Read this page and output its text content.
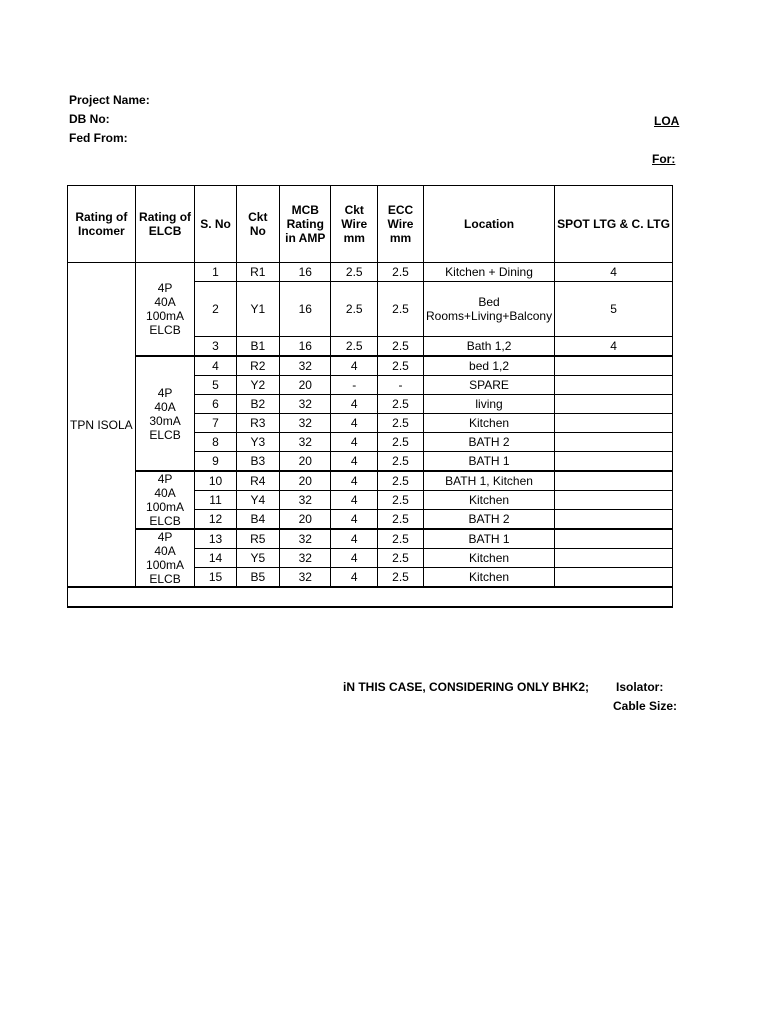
Project Name:
DB No:
Fed From:
LOA
For:
Rating of Incomer	Rating of ELCB	S. No	Ckt No	MCB Rating in AMP	Ckt Wire mm	ECC Wire mm	Location	SPOT LTG & C. LTG
TPN ISOLA	4P 40A 100mA ELCB	1	R1	16	2.5	2.5	Kitchen + Dining	4
		2	Y1	16	2.5	2.5	Bed Rooms+Living+Balcony	5
		3	B1	16	2.5	2.5	Bath 1,2	4
	4P 40A 30mA ELCB	4	R2	32	4	2.5	bed 1,2	
		5	Y2	20	-	-	SPARE	
		6	B2	32	4	2.5	living	
		7	R3	32	4	2.5	Kitchen	
		8	Y3	32	4	2.5	BATH 2	
		9	B3	20	4	2.5	BATH 1	
	4P 40A 100mA ELCB	10	R4	20	4	2.5	BATH 1, Kitchen	
		11	Y4	32	4	2.5	Kitchen	
		12	B4	20	4	2.5	BATH 2	
	4P 40A 100mA ELCB	13	R5	32	4	2.5	BATH 1	
		14	Y5	32	4	2.5	Kitchen	
		15	B5	32	4	2.5	Kitchen	

iN THIS CASE, CONSIDERING ONLY BHK2; Isolator:
Cable Size:
